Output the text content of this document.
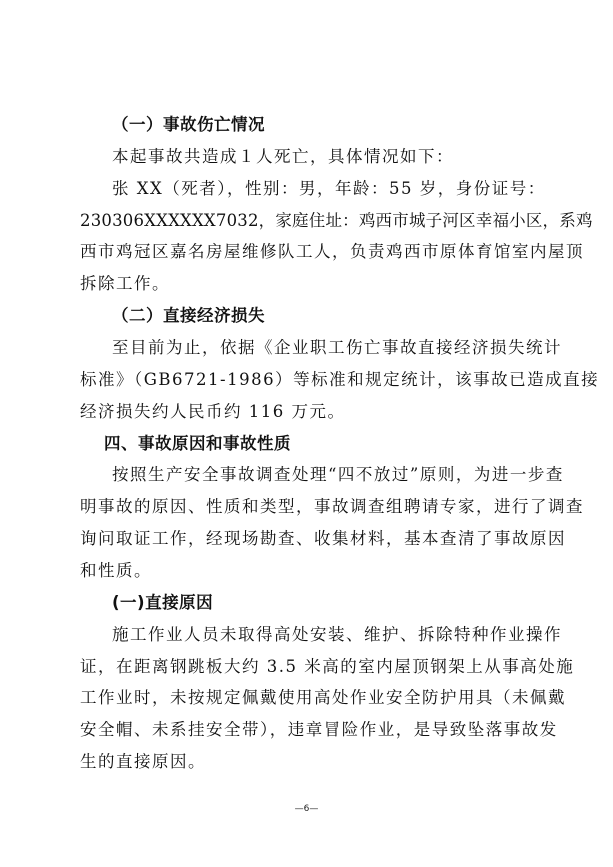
（一）事故伤亡情况
本起事故共造成１人死亡，具体情况如下：
张 XX（死者），性别：男，年龄：55 岁，身份证号：
230306XXXXXX7032，家庭住址：鸡西市城子河区幸福小区，系鸡
西市鸡冠区嘉名房屋维修队工人，负责鸡西市原体育馆室内屋顶
拆除工作。
（二）直接经济损失
至目前为止，依据《企业职工伤亡事故直接经济损失统计
标准》（GB6721-1986）等标准和规定统计，该事故已造成直接
经济损失约人民币约 116 万元。
四、事故原因和事故性质
按照生产安全事故调查处理“四不放过”原则，为进一步查
明事故的原因、性质和类型，事故调查组聘请专家，进行了调查
询问取证工作，经现场勘查、收集材料，基本查清了事故原因
和性质。
(一)直接原因
施工作业人员未取得高处安装、维护、拆除特种作业操作
证，在距离钢跳板大约 3.5 米高的室内屋顶钢架上从事高处施
工作业时，未按规定佩戴使用高处作业安全防护用具（未佩戴
安全帽、未系挂安全带），违章冒险作业，是导致坠落事故发
生的直接原因。
—6—
